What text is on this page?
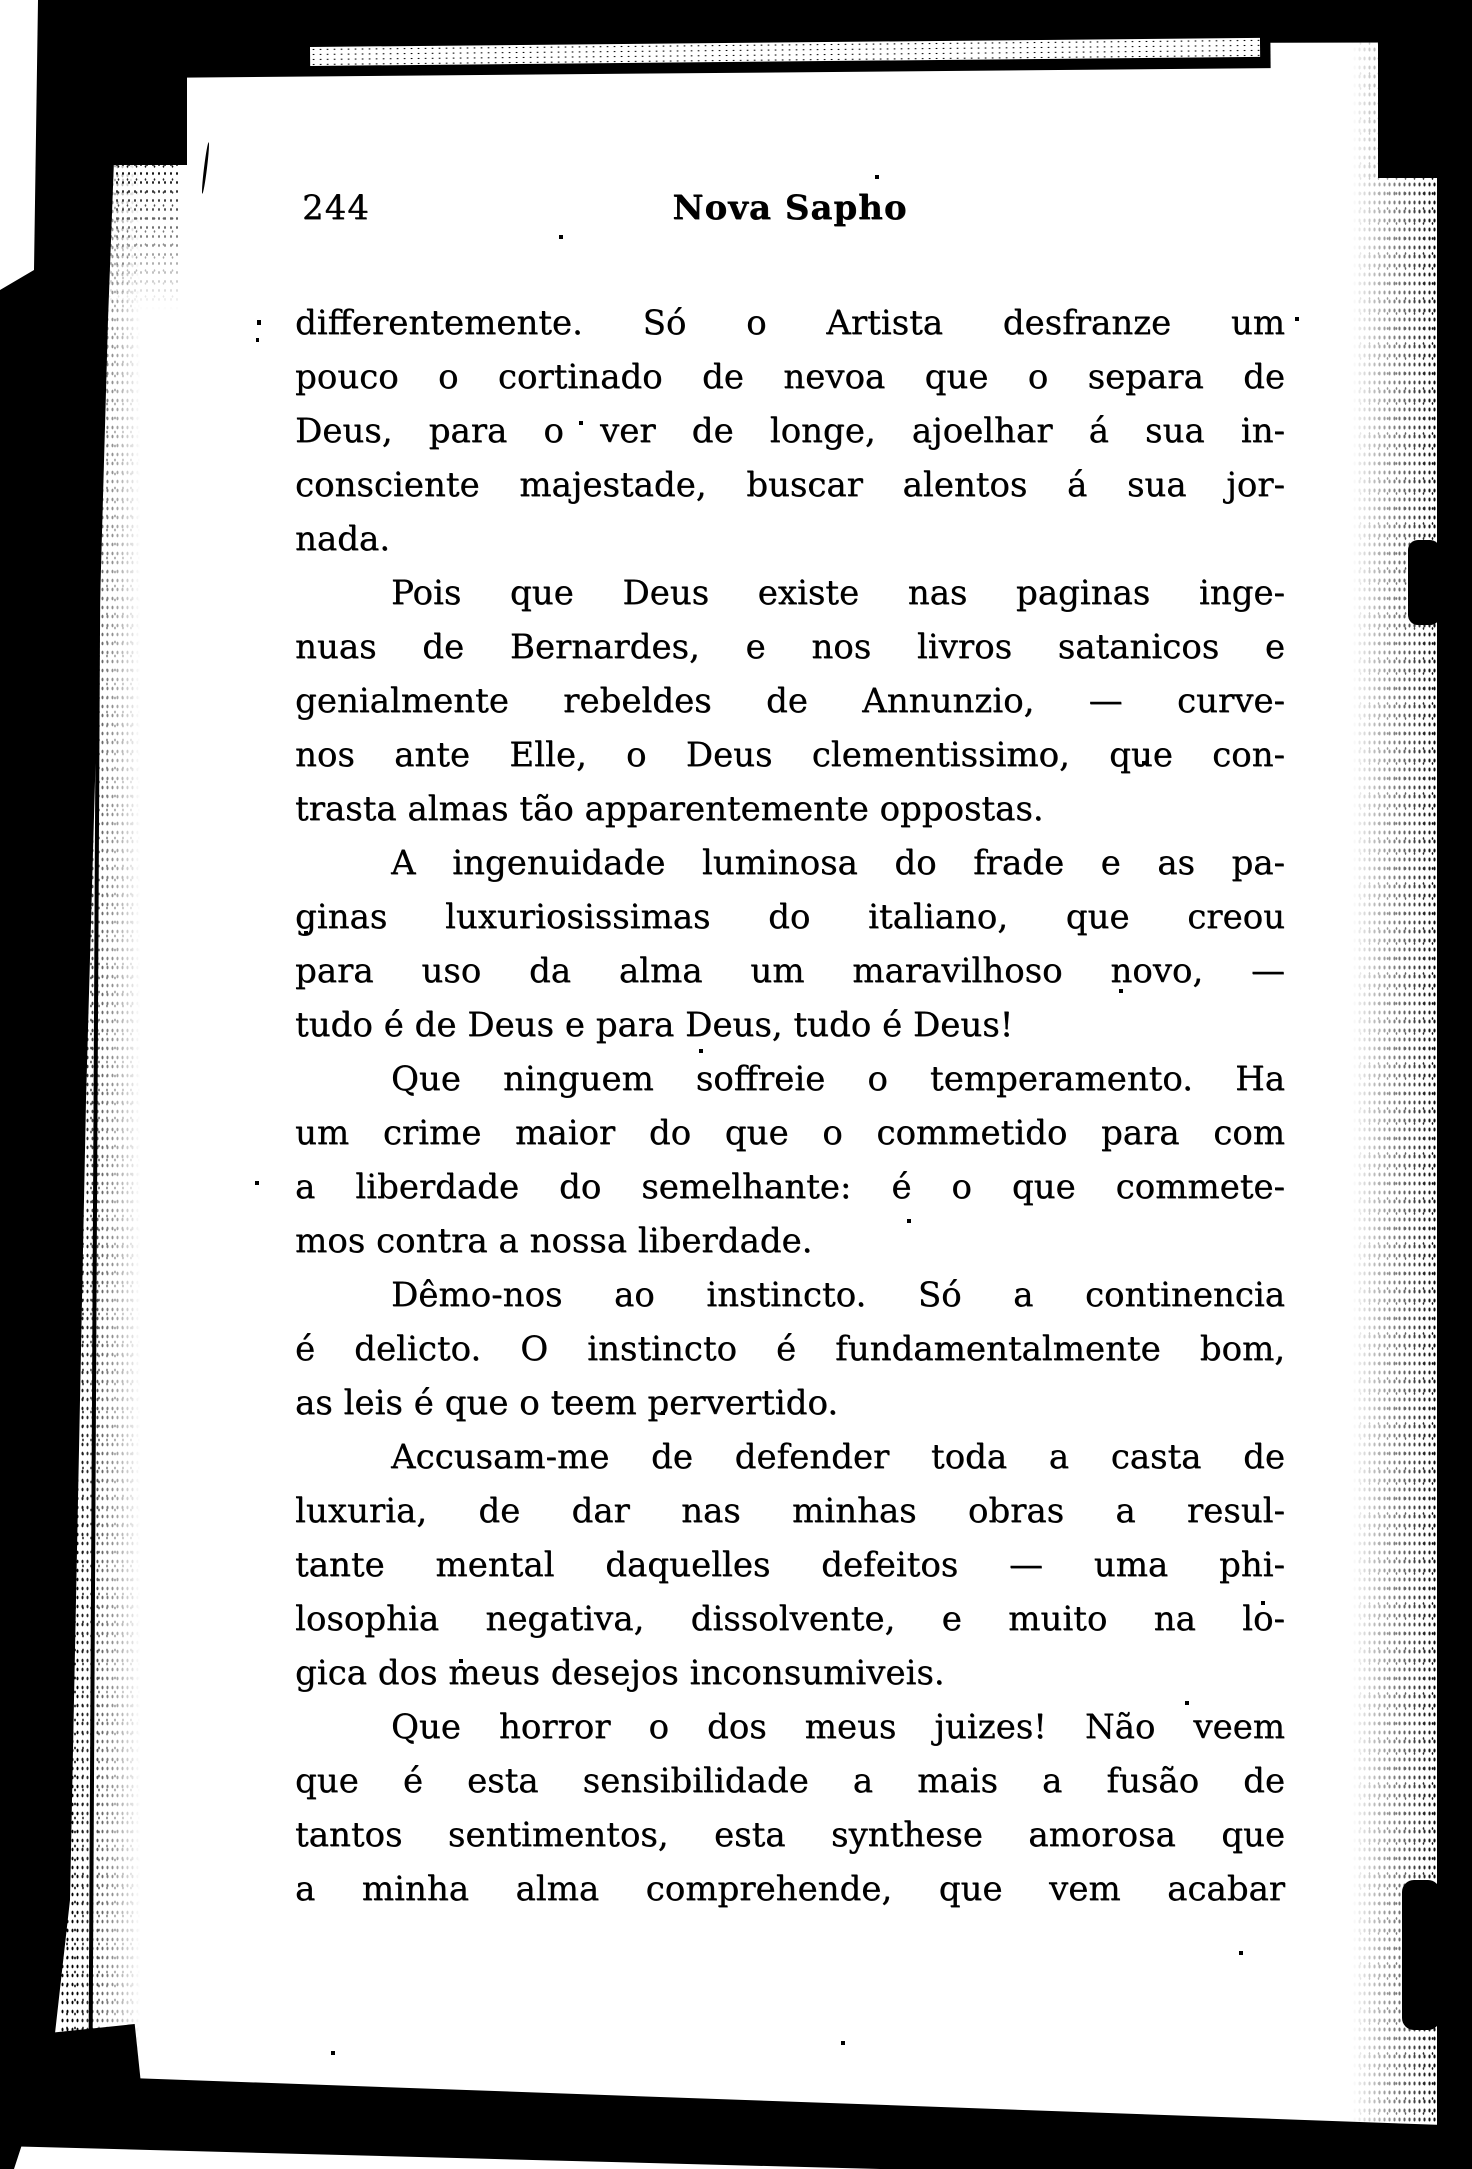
244	Nova Sapho
differentemente. Só o Artista desfranze um
pouco o cortinado de nevoa que o separa de
Deus, para o ver de longe, ajoelhar á sua in-
consciente majestade, buscar alentos á sua jor-
nada.
Pois que Deus existe nas paginas inge-
nuas de Bernardes, e nos livros satanicos e
genialmente rebeldes de Annunzio, — curve-
nos ante Elle, o Deus clementissimo, que con-
trasta almas tão apparentemente oppostas.
A ingenuidade luminosa do frade e as pa-
ginas luxuriosissimas do italiano, que creou
para uso da alma um maravilhoso novo, —
tudo é de Deus e para Deus, tudo é Deus!
Que ninguem soffreie o temperamento. Ha
um crime maior do que o commetido para com
a liberdade do semelhante: é o que commete-
mos contra a nossa liberdade.
Dêmo-nos ao instincto. Só a continencia
é delicto. O instincto é fundamentalmente bom,
as leis é que o teem pervertido.
Accusam-me de defender toda a casta de
luxuria, de dar nas minhas obras a resul-
tante mental daquelles defeitos — uma phi-
losophia negativa, dissolvente, e muito na lo-
gica dos meus desejos inconsumiveis.
Que horror o dos meus juizes! Não veem
que é esta sensibilidade a mais a fusão de
tantos sentimentos, esta synthese amorosa que
a minha alma comprehende, que vem acabar
